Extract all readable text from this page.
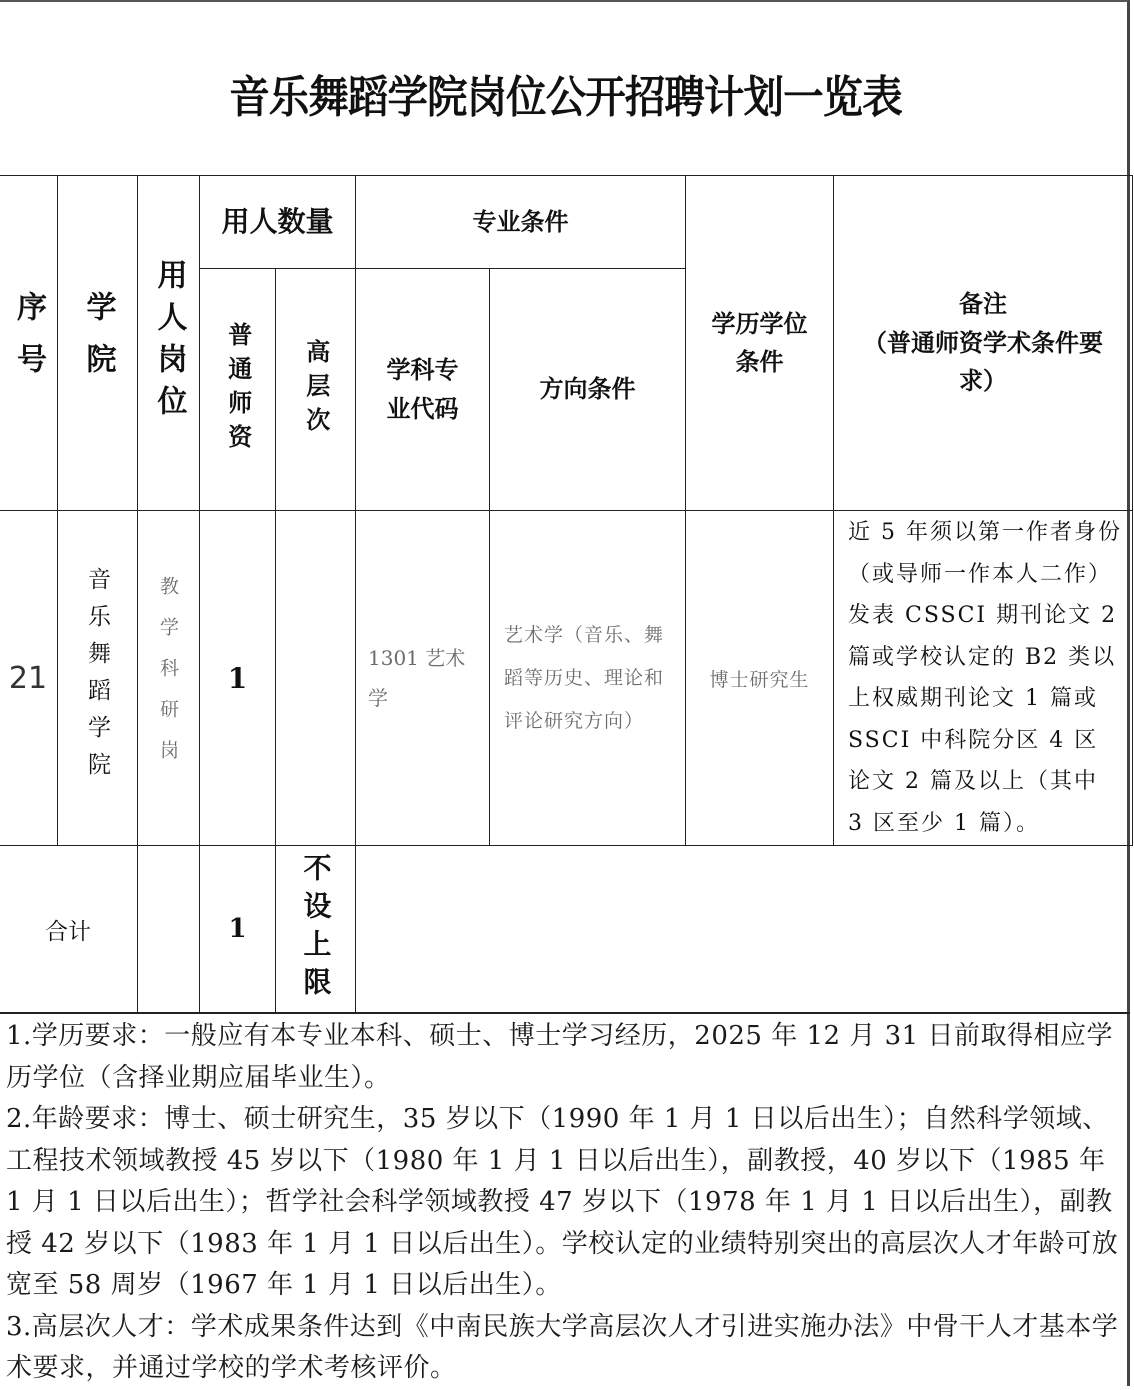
音乐舞蹈学院岗位公开招聘计划一览表
序号 学院 用人岗位
用人数量
普通师资 高层次
专业条件
学科专业代码
方向条件
学历学位条件
备注
（普通师资学术条件要求）
21 音乐舞蹈学院 教学科研岗 1
1301 艺术学
艺术学（音乐、舞蹈等历史、理论和评论研究方向）
博士研究生
近 5 年须以第一作者身份（或导师一作本人二作）发表 CSSCI 期刊论文 2 篇或学校认定的 B2 类以上权威期刊论文 1 篇或 SSCI 中科院分区 4 区论文 2 篇及以上（其中 3 区至少 1 篇）。
合计	1 不设上限

1.学历要求：一般应有本专业本科、硕士、博士学习经历，2025 年 12 月 31 日前取得相应学历学位（含择业期应届毕业生）。

2.年龄要求：博士、硕士研究生，35 岁以下（1990 年 1 月 1 日以后出生）；自然科学领域、工程技术领域教授 45 岁以下（1980 年 1 月 1 日以后出生），副教授，40 岁以下（1985 年 1 月 1 日以后出生）；哲学社会科学领域教授 47 岁以下（1978 年 1 月 1 日以后出生），副教授 42 岁以下（1983 年 1 月 1 日以后出生）。学校认定的业绩特别突出的高层次人才年龄可放宽至 58 周岁（1967 年 1 月 1 日以后出生）。

3.高层次人才：学术成果条件达到《中南民族大学高层次人才引进实施办法》中骨干人才基本学术要求，并通过学校的学术考核评价。
